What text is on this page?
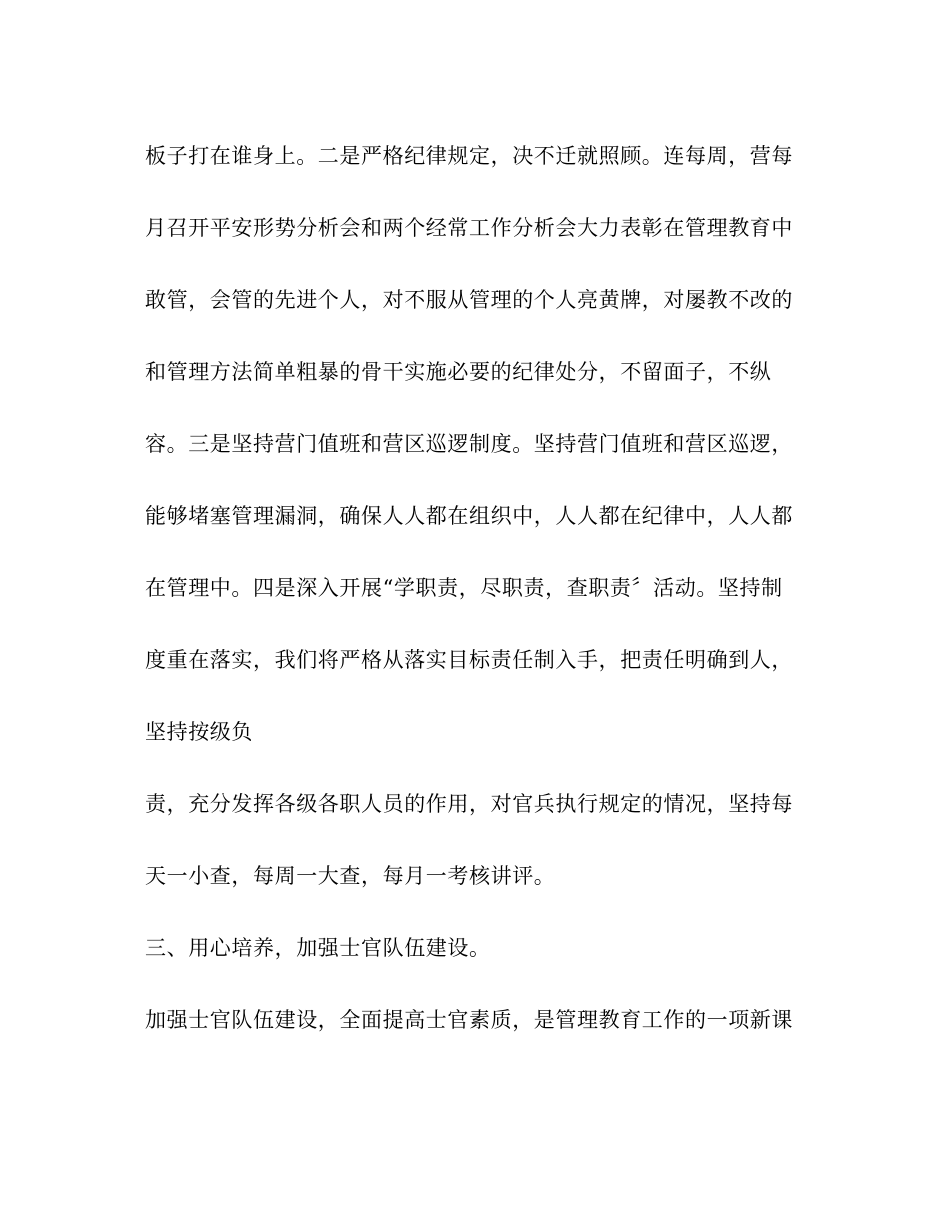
板子打在谁身上。二是严格纪律规定，决不迁就照顾。连每周，营每
月召开平安形势分析会和两个经常工作分析会大力表彰在管理教育中
敢管，会管的先进个人，对不服从管理的个人亮黄牌，对屡教不改的
和管理方法简单粗暴的骨干实施必要的纪律处分，不留面子，不纵
容。三是坚持营门值班和营区巡逻制度。坚持营门值班和营区巡逻，
能够堵塞管理漏洞，确保人人都在组织中，人人都在纪律中，人人都
在管理中。四是深入开展“学职责，尽职责，查职责〞活动。坚持制
度重在落实，我们将严格从落实目标责任制入手，把责任明确到人，
坚持按级负
责，充分发挥各级各职人员的作用，对官兵执行规定的情况，坚持每
天一小查，每周一大查，每月一考核讲评。
三、用心培养，加强士官队伍建设。
加强士官队伍建设，全面提高士官素质，是管理教育工作的一项新课
